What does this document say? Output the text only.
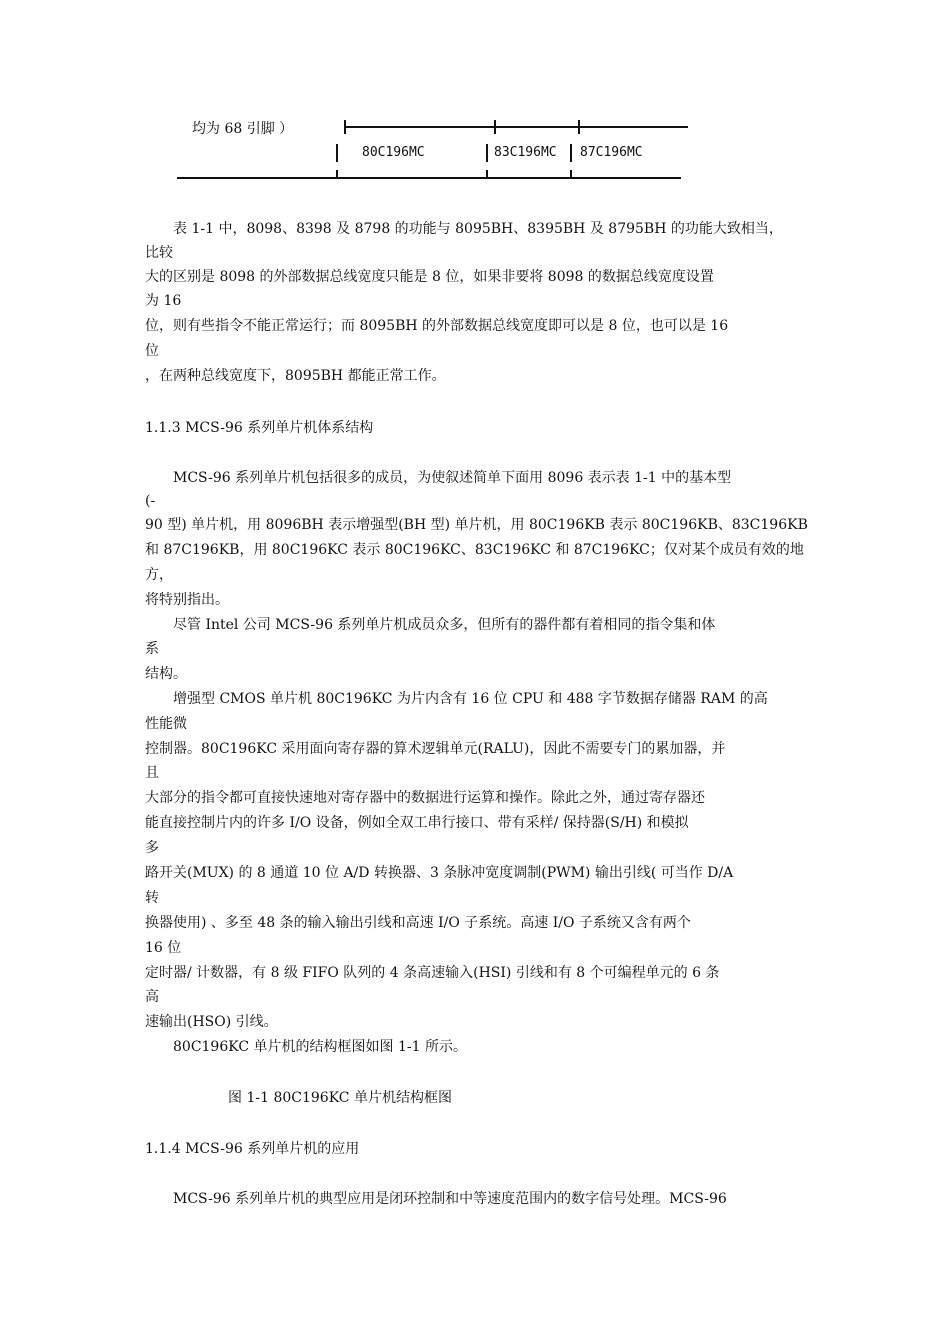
均为 68 引脚 ）
80C196MC	83C196MC 87C196MC
　　表 1-1 中，8098、8398 及 8798 的功能与 8095BH、8395BH 及 8795BH 的功能大致相当，
比较
大的区别是 8098 的外部数据总线宽度只能是 8 位，如果非要将 8098 的数据总线宽度设置
为 16
位，则有些指令不能正常运行；而 8095BH 的外部数据总线宽度即可以是 8 位，也可以是 16
位
，在两种总线宽度下，8095BH 都能正常工作。
1.1.3 MCS-96 系列单片机体系结构
　　MCS-96 系列单片机包括很多的成员，为使叙述简单下面用 8096 表示表 1-1 中的基本型
(-
90 型) 单片机，用 8096BH 表示增强型(BH 型) 单片机，用 80C196KB 表示 80C196KB、83C196KB
和 87C196KB，用 80C196KC 表示 80C196KC、83C196KC 和 87C196KC；仅对某个成员有效的地
方，
将特别指出。
　　尽管 Intel 公司 MCS-96 系列单片机成员众多，但所有的器件都有着相同的指令集和体
系
结构。
　　增强型 CMOS 单片机 80C196KC 为片内含有 16 位 CPU 和 488 字节数据存储器 RAM 的高
性能微
控制器。80C196KC 采用面向寄存器的算术逻辑单元(RALU)，因此不需要专门的累加器，并
且
大部分的指令都可直接快速地对寄存器中的数据进行运算和操作。除此之外，通过寄存器还
能直接控制片内的许多 I/O 设备，例如全双工串行接口、带有采样/ 保持器(S/H) 和模拟
多
路开关(MUX) 的 8 通道 10 位 A/D 转换器、3 条脉冲宽度调制(PWM) 输出引线( 可当作 D/A
转
换器使用) 、多至 48 条的输入输出引线和高速 I/O 子系统。高速 I/O 子系统又含有两个
16 位
定时器/ 计数器，有 8 级 FIFO 队列的 4 条高速输入(HSI) 引线和有 8 个可编程单元的 6 条
高
速输出(HSO) 引线。
　　80C196KC 单片机的结构框图如图 1-1 所示。
图 1-1 80C196KC 单片机结构框图
1.1.4 MCS-96 系列单片机的应用
　　MCS-96 系列单片机的典型应用是闭环控制和中等速度范围内的数字信号处理。MCS-96
